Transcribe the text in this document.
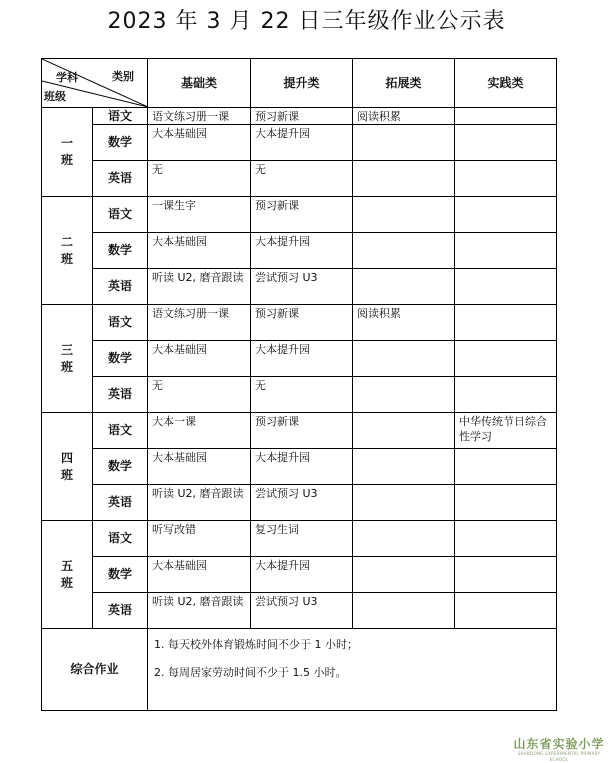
2023 年 3 月 22 日三年级作业公示表
学科 类别
班级		基础类	提升类	拓展类	实践类
一班	语文	语文练习册一课	预习新课	阅读积累	
	数学	大本基础园	大本提升园		
	英语	无	无		
二班	语文	一课生字	预习新课		
	数学	大本基础园	大本提升园		
	英语	听读 U2, 磨音跟读	尝试预习 U3		
三班	语文	语文练习册一课	预习新课	阅读积累	
	数学	大本基础园	大本提升园		
	英语	无	无		
四班	语文	大本一课	预习新课		中华传统节日综合性学习
	数学	大本基础园	大本提升园		
	英语	听读 U2, 磨音跟读	尝试预习 U3		
五班	语文	听写改错	复习生词		
	数学	大本基础园	大本提升园		
	英语	听读 U2, 磨音跟读	尝试预习 U3		
综合作业		1. 每天校外体育锻炼时间不少于 1 小时；
2. 每周居家劳动时间不少于 1.5 小时。			
山东省实验小学
SHANDONG EXPERIMENTAL PRIMARY SCHOOL
